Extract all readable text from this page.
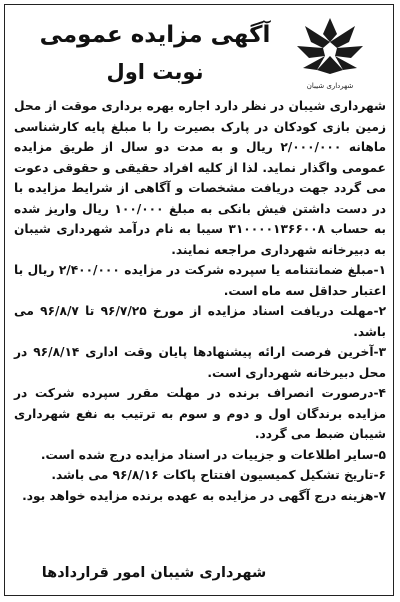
شهرداری شیبان
آگهی مزایده عمومی
نوبت اول

شهرداری شیبان در نظر دارد اجاره بهره برداری موقت از محل زمین بازی کودکان در پارک بصیرت را با مبلغ پایه کارشناسی ماهانه ۲/۰۰۰/۰۰۰ ریال و به مدت دو سال از طریق مزایده عمومی واگذار نماید. لذا از کلیه افراد حقیقی و حقوقی دعوت می گردد جهت دریافت مشخصات و آگاهی از شرایط مزایده با در دست داشتن فیش بانکی به مبلغ ۱۰۰/۰۰۰ ریال واریز شده به حساب ۳۱۰۰۰۰۱۳۶۶۰۰۸ سیبا به نام درآمد شهرداری شیبان به دبیرخانه شهرداری مراجعه نمایند.

۱-مبلغ ضمانتنامه یا سپرده شرکت در مزایده ۲/۴۰۰/۰۰۰ ریال با اعتبار حداقل سه ماه است.

۲-مهلت دریافت اسناد مزایده از مورخ ۹۶/۷/۲۵ تا ۹۶/۸/۷ می باشد.

۳-آخرین فرصت ارائه پیشنهادها پایان وقت اداری ۹۶/۸/۱۴ در محل دبیرخانه شهرداری است.

۴-درصورت انصراف برنده در مهلت مقرر سپرده شرکت در مزایده برندگان اول و دوم و سوم به ترتیب به نفع شهرداری شیبان ضبط می گردد.

۵-سایر اطلاعات و جزییات در اسناد مزایده درج شده است.

۶-تاریخ تشکیل کمیسیون افتتاح پاکات ۹۶/۸/۱۶ می باشد.

۷-هزینه درج آگهی در مزایده به عهده برنده مزایده خواهد بود.

شهرداری شیبان امور قراردادها
